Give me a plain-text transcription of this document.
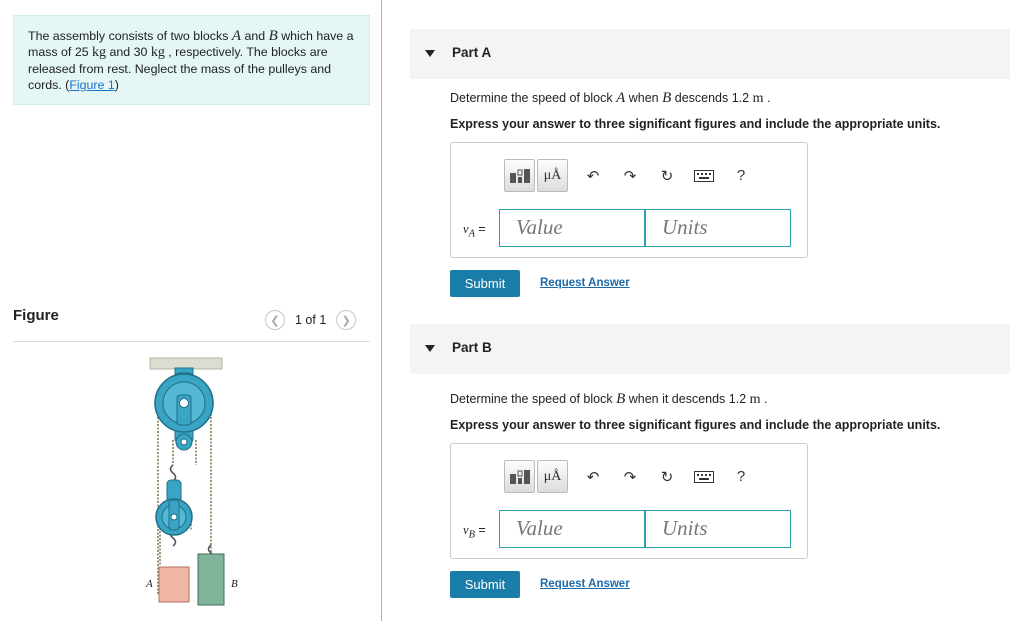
The assembly consists of two blocks A and B which have a mass of 25 kg and 30 kg , respectively. The blocks are released from rest. Neglect the mass of the pulleys and cords. (Figure 1)
Figure	❮	1 of 1	❯
A	B
Part A
Determine the speed of block A when B descends 1.2 m .
Express your answer to three significant figures and include the appropriate units.
μÅ	↶	↷	↻	?
$v_A$ =	Value	Units
Submit	Request Answer
Part B
Determine the speed of block B when it descends 1.2 m .
Express your answer to three significant figures and include the appropriate units.
μÅ	↶	↷	↻	?
$v_B$ =	Value	Units
Submit	Request Answer
